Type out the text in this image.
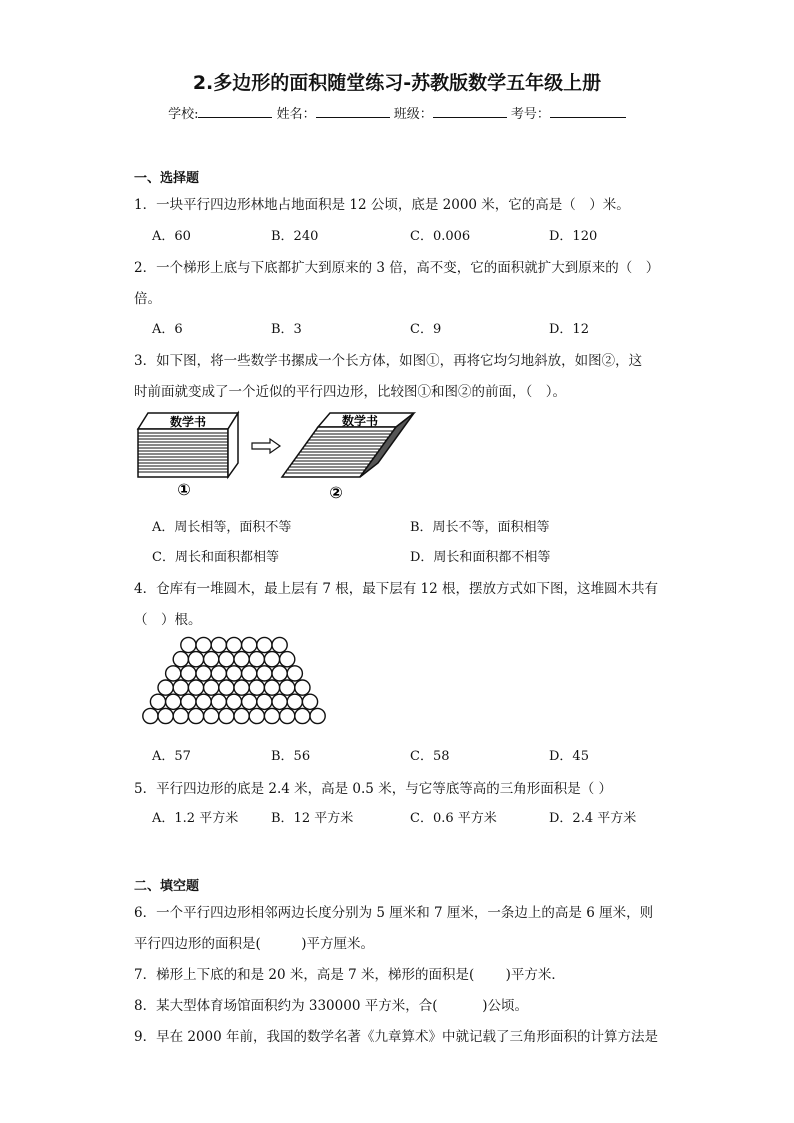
2.多边形的面积随堂练习-苏教版数学五年级上册
学校:	姓名：	班级：	考号：
一、选择题
1．一块平行四边形林地占地面积是 12 公顷，底是 2000 米，它的高是（　）米。
A．60	B．240	C．0.006	D．120
2．一个梯形上底与下底都扩大到原来的 3 倍，高不变，它的面积就扩大到原来的（　）
倍。
A．6	B．3	C．9	D．12
3．如下图，将一些数学书摞成一个长方体，如图①，再将它均匀地斜放，如图②，这
时前面就变成了一个近似的平行四边形，比较图①和图②的前面，（　）。
数学书	数学书
①	②
A．周长相等，面积不等	B．周长不等，面积相等
C．周长和面积都相等	D．周长和面积都不相等
4．仓库有一堆圆木，最上层有 7 根，最下层有 12 根，摆放方式如下图，这堆圆木共有
（　）根。
A．57	B．56	C．58	D．45
5．平行四边形的底是 2.4 米，高是 0.5 米，与它等底等高的三角形面积是（ ）
A．1.2 平方米	B．12 平方米	C．0.6 平方米	D．2.4 平方米
二、填空题
6．一个平行四边形相邻两边长度分别为 5 厘米和 7 厘米，一条边上的高是 6 厘米，则
平行四边形的面积是(　　　)平方厘米。
7．梯形上下底的和是 20 米，高是 7 米，梯形的面积是(　　 )平方米．
8．某大型体育场馆面积约为 330000 平方米，合(　　　 )公顷。
9．早在 2000 年前，我国的数学名著《九章算术》中就记载了三角形面积的计算方法是
